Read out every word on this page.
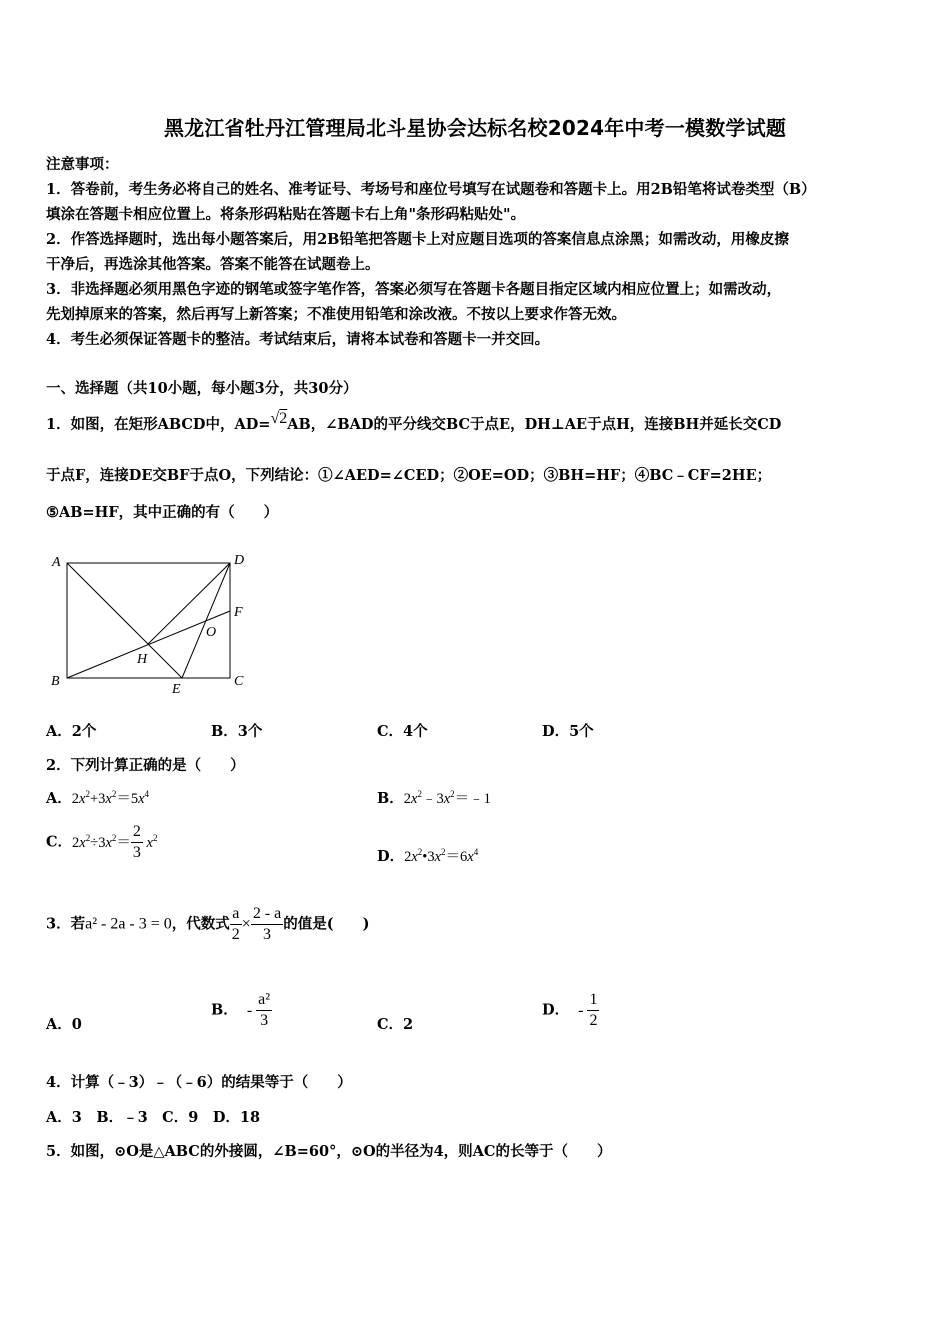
黑龙江省牡丹江管理局北斗星协会达标名校2024年中考一模数学试题
注意事项：
1．答卷前，考生务必将自己的姓名、准考证号、考场号和座位号填写在试题卷和答题卡上。用2B铅笔将试卷类型（B）
填涂在答题卡相应位置上。将条形码粘贴在答题卡右上角"条形码粘贴处"。
2．作答选择题时，选出每小题答案后，用2B铅笔把答题卡上对应题目选项的答案信息点涂黑；如需改动，用橡皮擦
干净后，再选涂其他答案。答案不能答在试题卷上。
3．非选择题必须用黑色字迹的钢笔或签字笔作答，答案必须写在答题卡各题目指定区域内相应位置上；如需改动，
先划掉原来的答案，然后再写上新答案；不准使用铅笔和涂改液。不按以上要求作答无效。
4．考生必须保证答题卡的整洁。考试结束后，请将本试卷和答题卡一并交回。
一、选择题（共10小题，每小题3分，共30分）
1．如图，在矩形ABCD中，AD=√2AB，∠BAD的平分线交BC于点E，DH⊥AE于点H，连接BH并延长交CD
于点F，连接DE交BF于点O，下列结论：①∠AED=∠CED；②OE=OD；③BH=HF；④BC﹣CF=2HE；
⑤AB=HF，其中正确的有（　　）
A	D
F
O
H
B
E
C
A．2个	B．3个	C．4个	D．5个
2．下列计算正确的是（　　）
A．$2x^2+3x^2=5x^4$	B．$2x^2﹣3x^2=﹣1$
C．$2x^2\div 3x^2= \frac{2}{3} x^2$
D．$2x^2•3x^2=6x^4$
3．若a² - 2a - 3 = 0，代数式 $\frac{a}{2} \times \frac{2 - a}{3}$ 的值是(　　)
A．0
B． - $\frac{\text{a²}}{3}$	C．2
D． - $\frac{1}{2}$
4．计算（﹣3）﹣（﹣6）的结果等于（　　）
A．3　B．﹣3　C．9　D．18
5．如图，⊙O是△ABC的外接圆，∠B=60°，⊙O的半径为4，则AC的长等于（　　）
